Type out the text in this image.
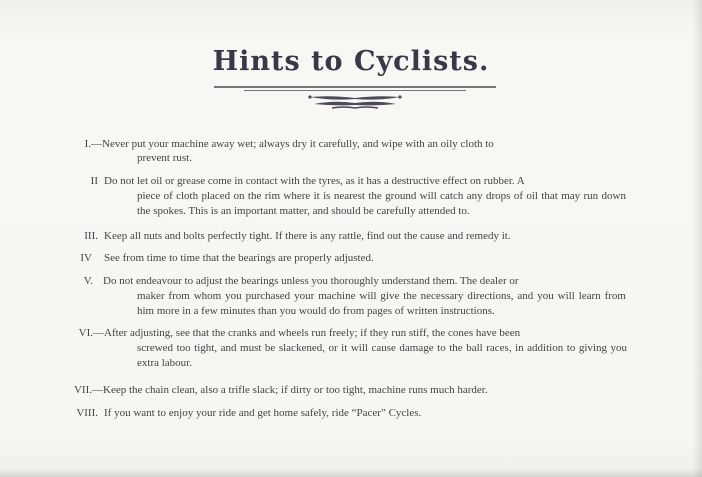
Hints to Cyclists.
I.— Never put your machine away wet; always dry it carefully, and wipe with an oily cloth to
prevent rust.
II Do not let oil or grease come in contact with the tyres, as it has a destructive effect on rubber. A
piece of cloth placed on the rim where it is nearest the ground will catch any drops of oil that may run down the spokes. This is an important matter, and should be carefully attended to.
III. Keep all nuts and bolts perfectly tight. If there is any rattle, find out the cause and remedy it.
IV See from time to time that the bearings are properly adjusted.
V. Do not endeavour to adjust the bearings unless you thoroughly understand them. The dealer or
maker from whom you purchased your machine will give the necessary directions, and you will learn from him more in a few minutes than you would do from pages of written instructions.
VI.— After adjusting, see that the cranks and wheels run freely; if they run stiff, the cones have been
screwed too tight, and must be slackened, or it will cause damage to the ball races, in addition to giving you extra labour.
VII.— Keep the chain clean, also a trifle slack; if dirty or too tight, machine runs much harder.
VIII. If you want to enjoy your ride and get home safely, ride “Pacer” Cycles.
